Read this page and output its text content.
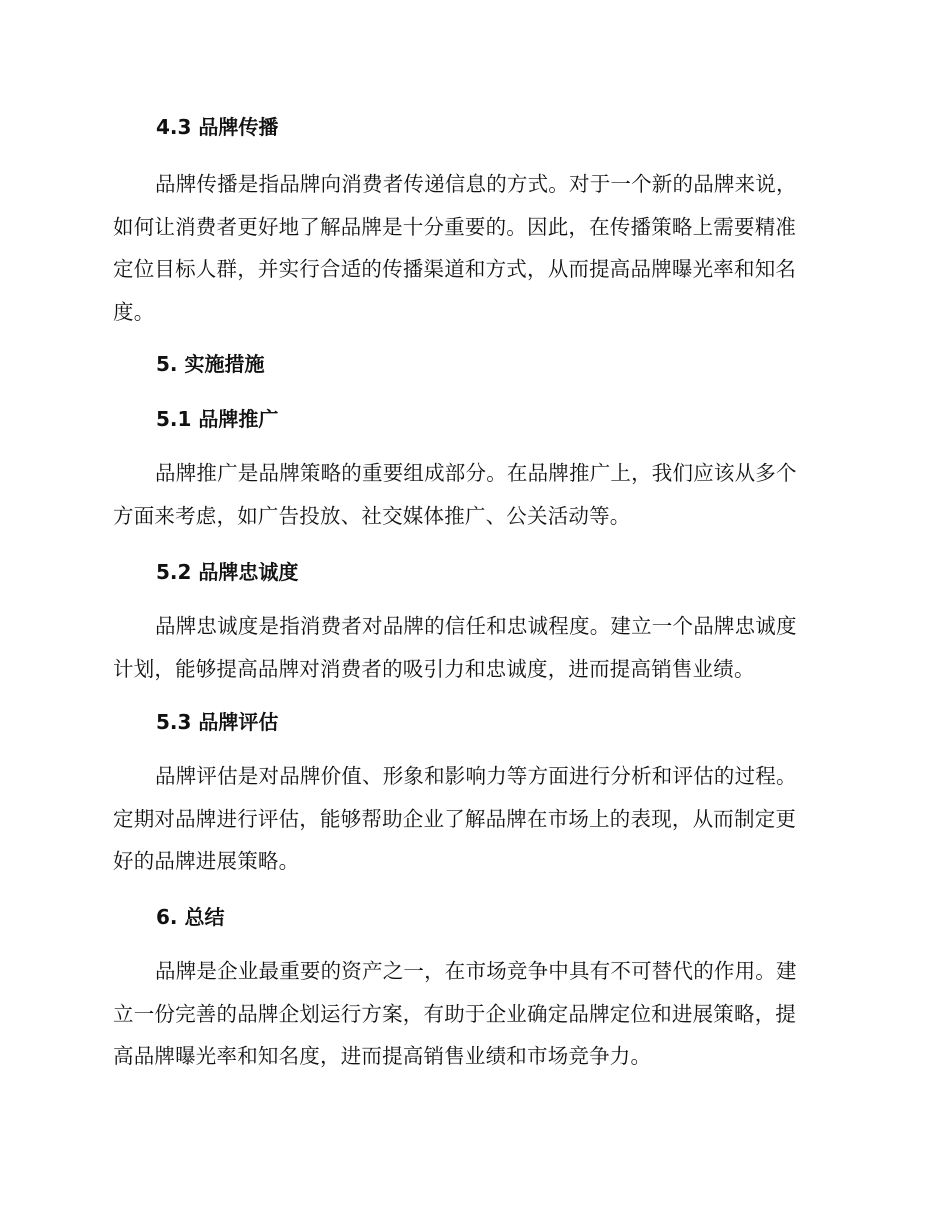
4.3 品牌传播
品牌传播是指品牌向消费者传递信息的方式。对于一个新的品牌来说，
如何让消费者更好地了解品牌是十分重要的。因此，在传播策略上需要精准
定位目标人群，并实行合适的传播渠道和方式，从而提高品牌曝光率和知名
度。
5. 实施措施
5.1 品牌推广
品牌推广是品牌策略的重要组成部分。在品牌推广上，我们应该从多个
方面来考虑，如广告投放、社交媒体推广、公关活动等。
5.2 品牌忠诚度
品牌忠诚度是指消费者对品牌的信任和忠诚程度。建立一个品牌忠诚度
计划，能够提高品牌对消费者的吸引力和忠诚度，进而提高销售业绩。
5.3 品牌评估
品牌评估是对品牌价值、形象和影响力等方面进行分析和评估的过程。
定期对品牌进行评估，能够帮助企业了解品牌在市场上的表现，从而制定更
好的品牌进展策略。
6. 总结
品牌是企业最重要的资产之一，在市场竞争中具有不可替代的作用。建
立一份完善的品牌企划运行方案，有助于企业确定品牌定位和进展策略，提
高品牌曝光率和知名度，进而提高销售业绩和市场竞争力。
